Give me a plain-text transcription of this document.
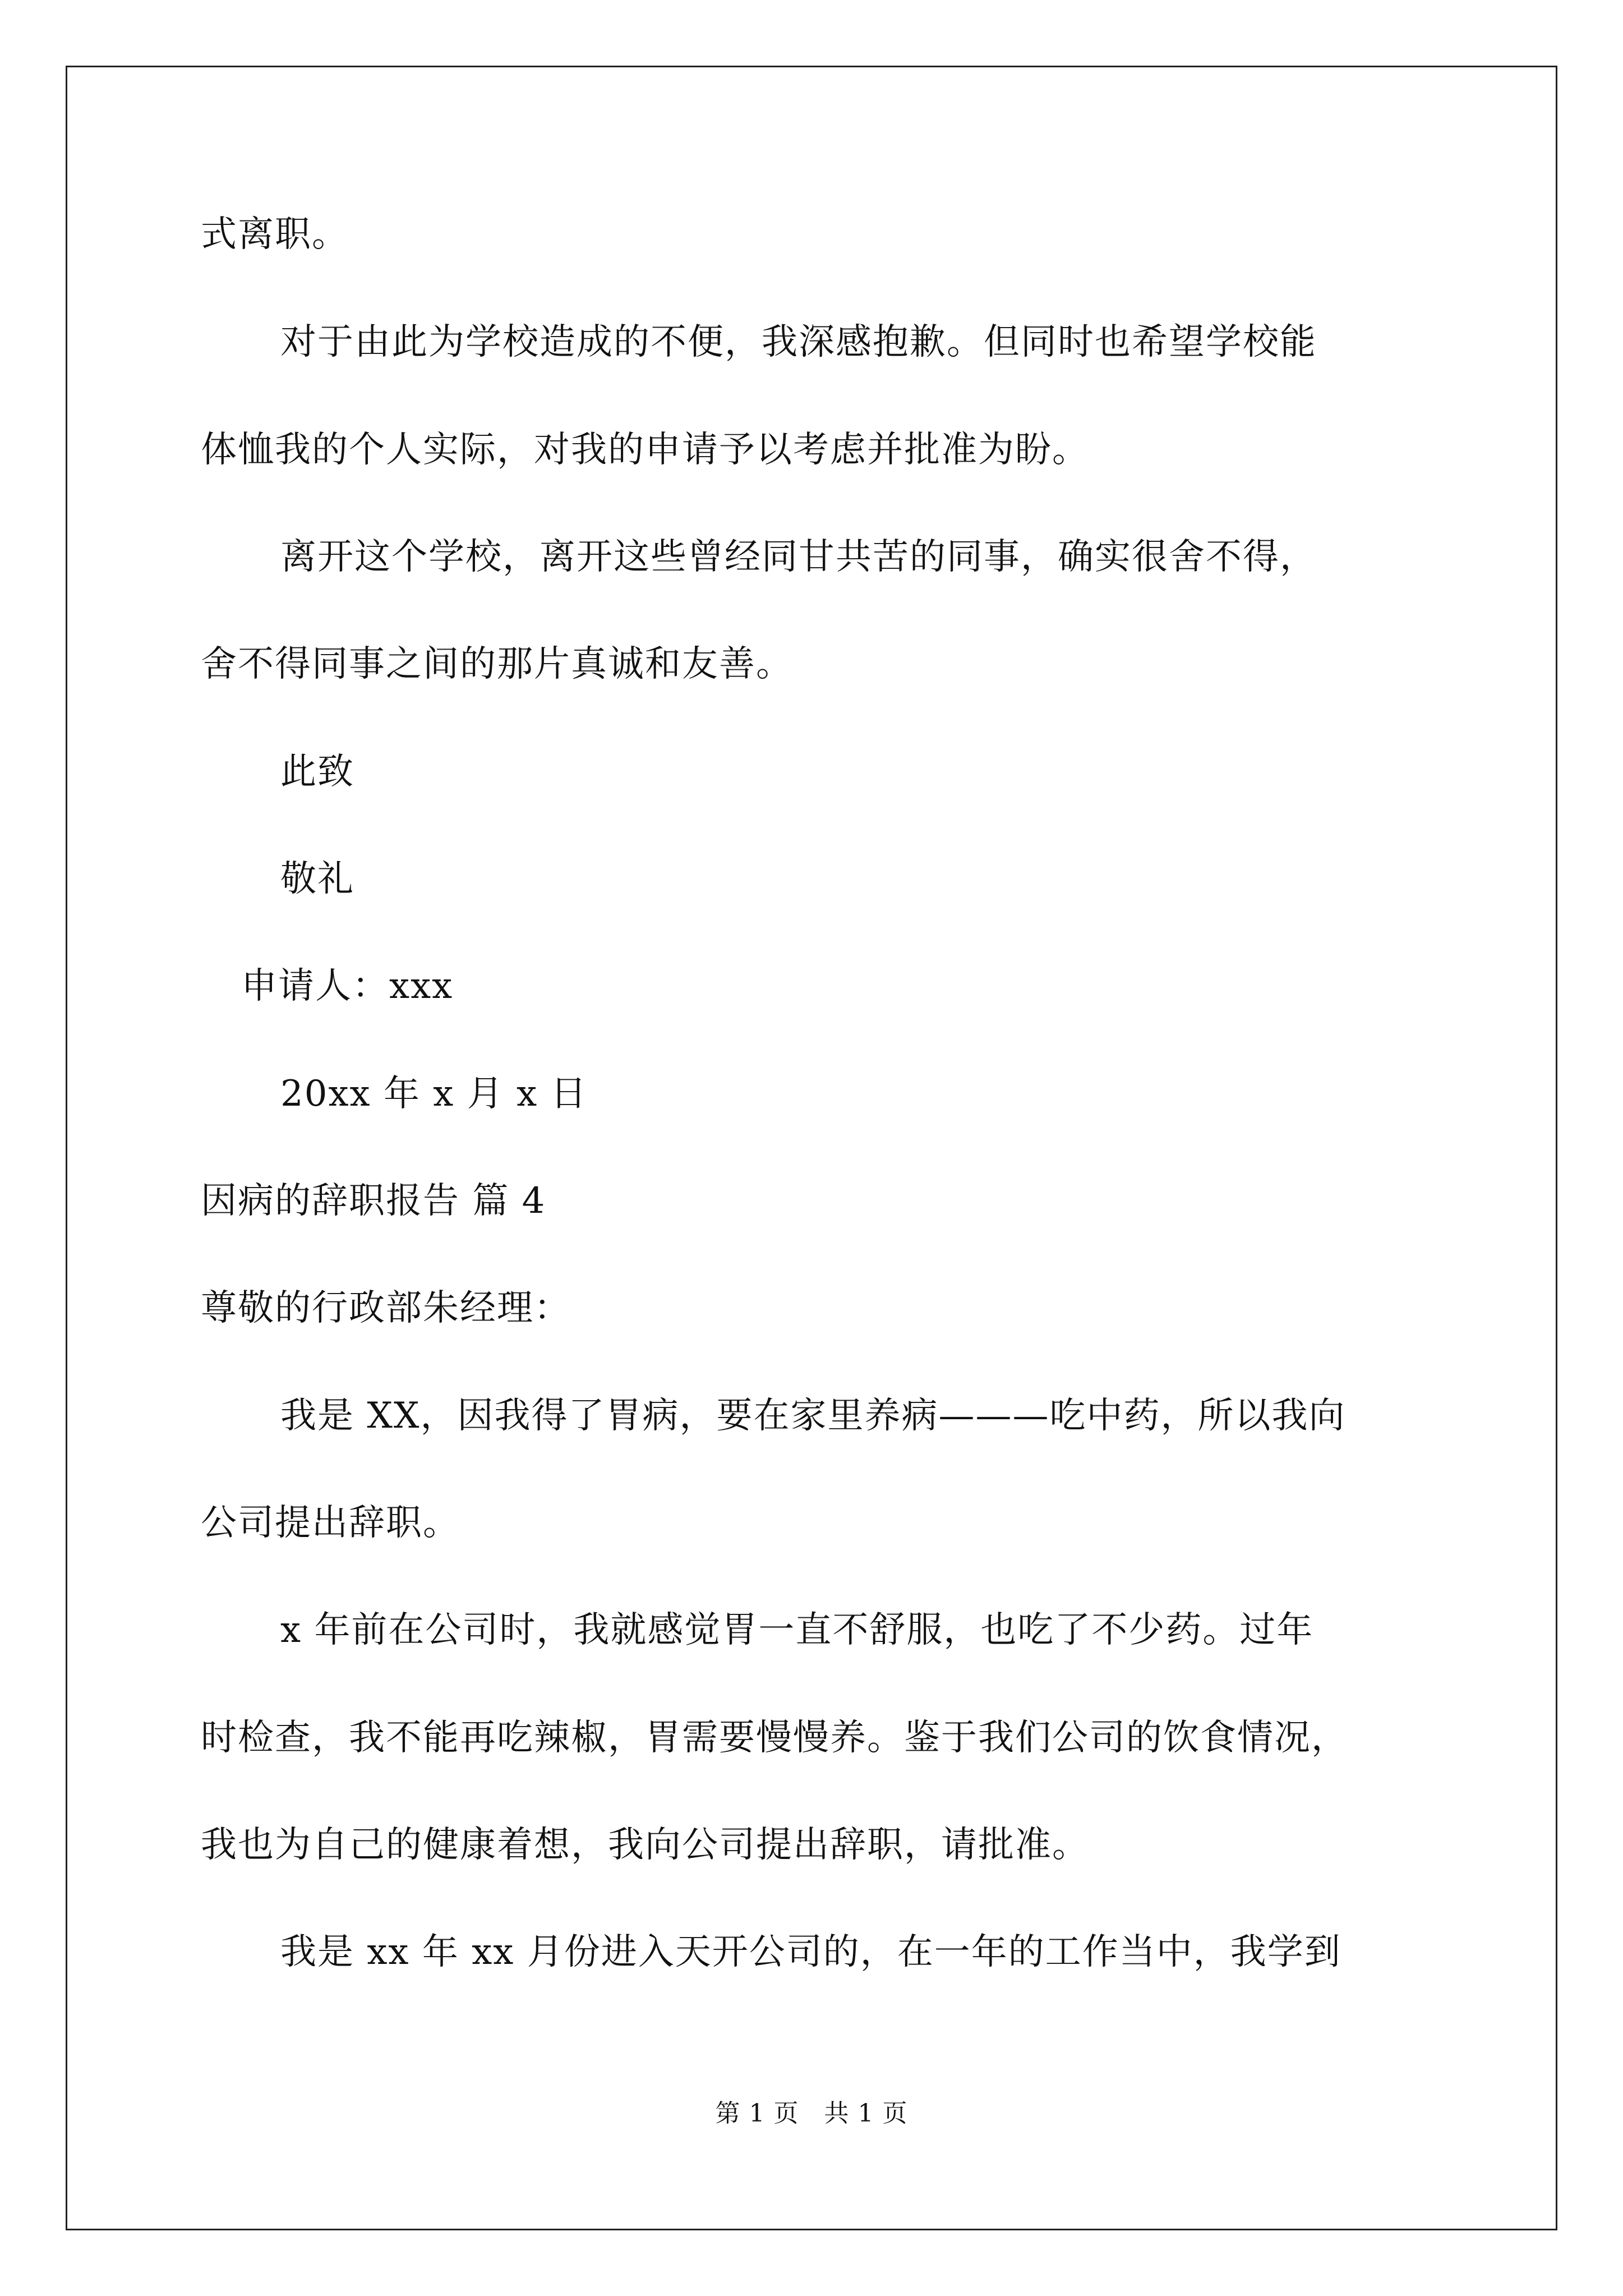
式离职。
对于由此为学校造成的不便，我深感抱歉。但同时也希望学校能
体恤我的个人实际，对我的申请予以考虑并批准为盼。
离开这个学校，离开这些曾经同甘共苦的同事，确实很舍不得，
舍不得同事之间的那片真诚和友善。
此致
敬礼
申请人：xxx
20xx 年 x 月 x 日
因病的辞职报告 篇 4
尊敬的行政部朱经理：
我是 XX，因我得了胃病，要在家里养病———吃中药，所以我向
公司提出辞职。
x 年前在公司时，我就感觉胃一直不舒服，也吃了不少药。过年
时检查，我不能再吃辣椒，胃需要慢慢养。鉴于我们公司的饮食情况，
我也为自己的健康着想，我向公司提出辞职，请批准。
我是 xx 年 xx 月份进入天开公司的，在一年的工作当中，我学到
第 1 页　共 1 页
